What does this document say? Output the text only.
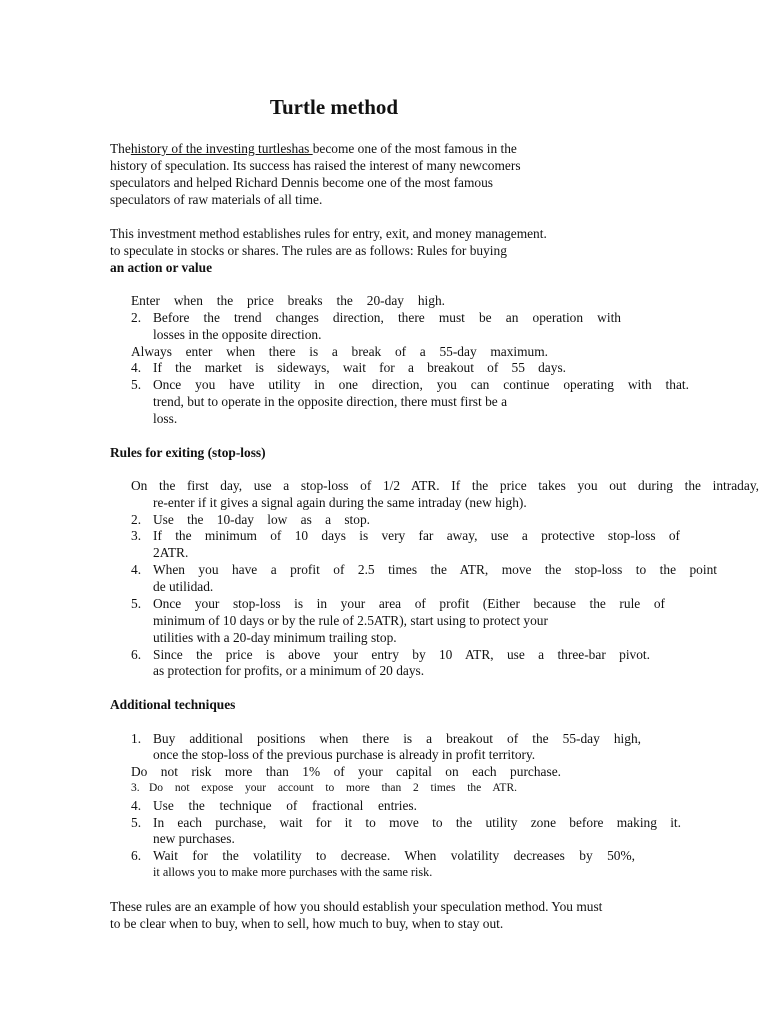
Turtle method
Thehistory of the investing turtleshas become one of the most famous in the
history of speculation. Its success has raised the interest of many newcomers
speculators and helped Richard Dennis become one of the most famous
speculators of raw materials of all time.
This investment method establishes rules for entry, exit, and money management.
to speculate in stocks or shares. The rules are as follows: Rules for buying
an action or value
Enter when the price breaks the 20-day high.
2. Before the trend changes direction, there must be an operation with
losses in the opposite direction.
Always enter when there is a break of a 55-day maximum.
4. If the market is sideways, wait for a breakout of 55 days.
5. Once you have utility in one direction, you can continue operating with that.
trend, but to operate in the opposite direction, there must first be a
loss.
Rules for exiting (stop-loss)
On the first day, use a stop-loss of 1/2 ATR. If the price takes you out during the intraday,
re-enter if it gives a signal again during the same intraday (new high).
2. Use the 10-day low as a stop.
3. If the minimum of 10 days is very far away, use a protective stop-loss of
2ATR.
4. When you have a profit of 2.5 times the ATR, move the stop-loss to the point
de utilidad.
5. Once your stop-loss is in your area of profit (Either because the rule of
minimum of 10 days or by the rule of 2.5ATR), start using to protect your
utilities with a 20-day minimum trailing stop.
6. Since the price is above your entry by 10 ATR, use a three-bar pivot.
as protection for profits, or a minimum of 20 days.
Additional techniques
1. Buy additional positions when there is a breakout of the 55-day high,
once the stop-loss of the previous purchase is already in profit territory.
Do not risk more than 1% of your capital on each purchase.
3. Do not expose your account to more than 2 times the ATR.
4. Use the technique of fractional entries.
5. In each purchase, wait for it to move to the utility zone before making it.
new purchases.
6. Wait for the volatility to decrease. When volatility decreases by 50%,
it allows you to make more purchases with the same risk.
These rules are an example of how you should establish your speculation method. You must
to be clear when to buy, when to sell, how much to buy, when to stay out.
